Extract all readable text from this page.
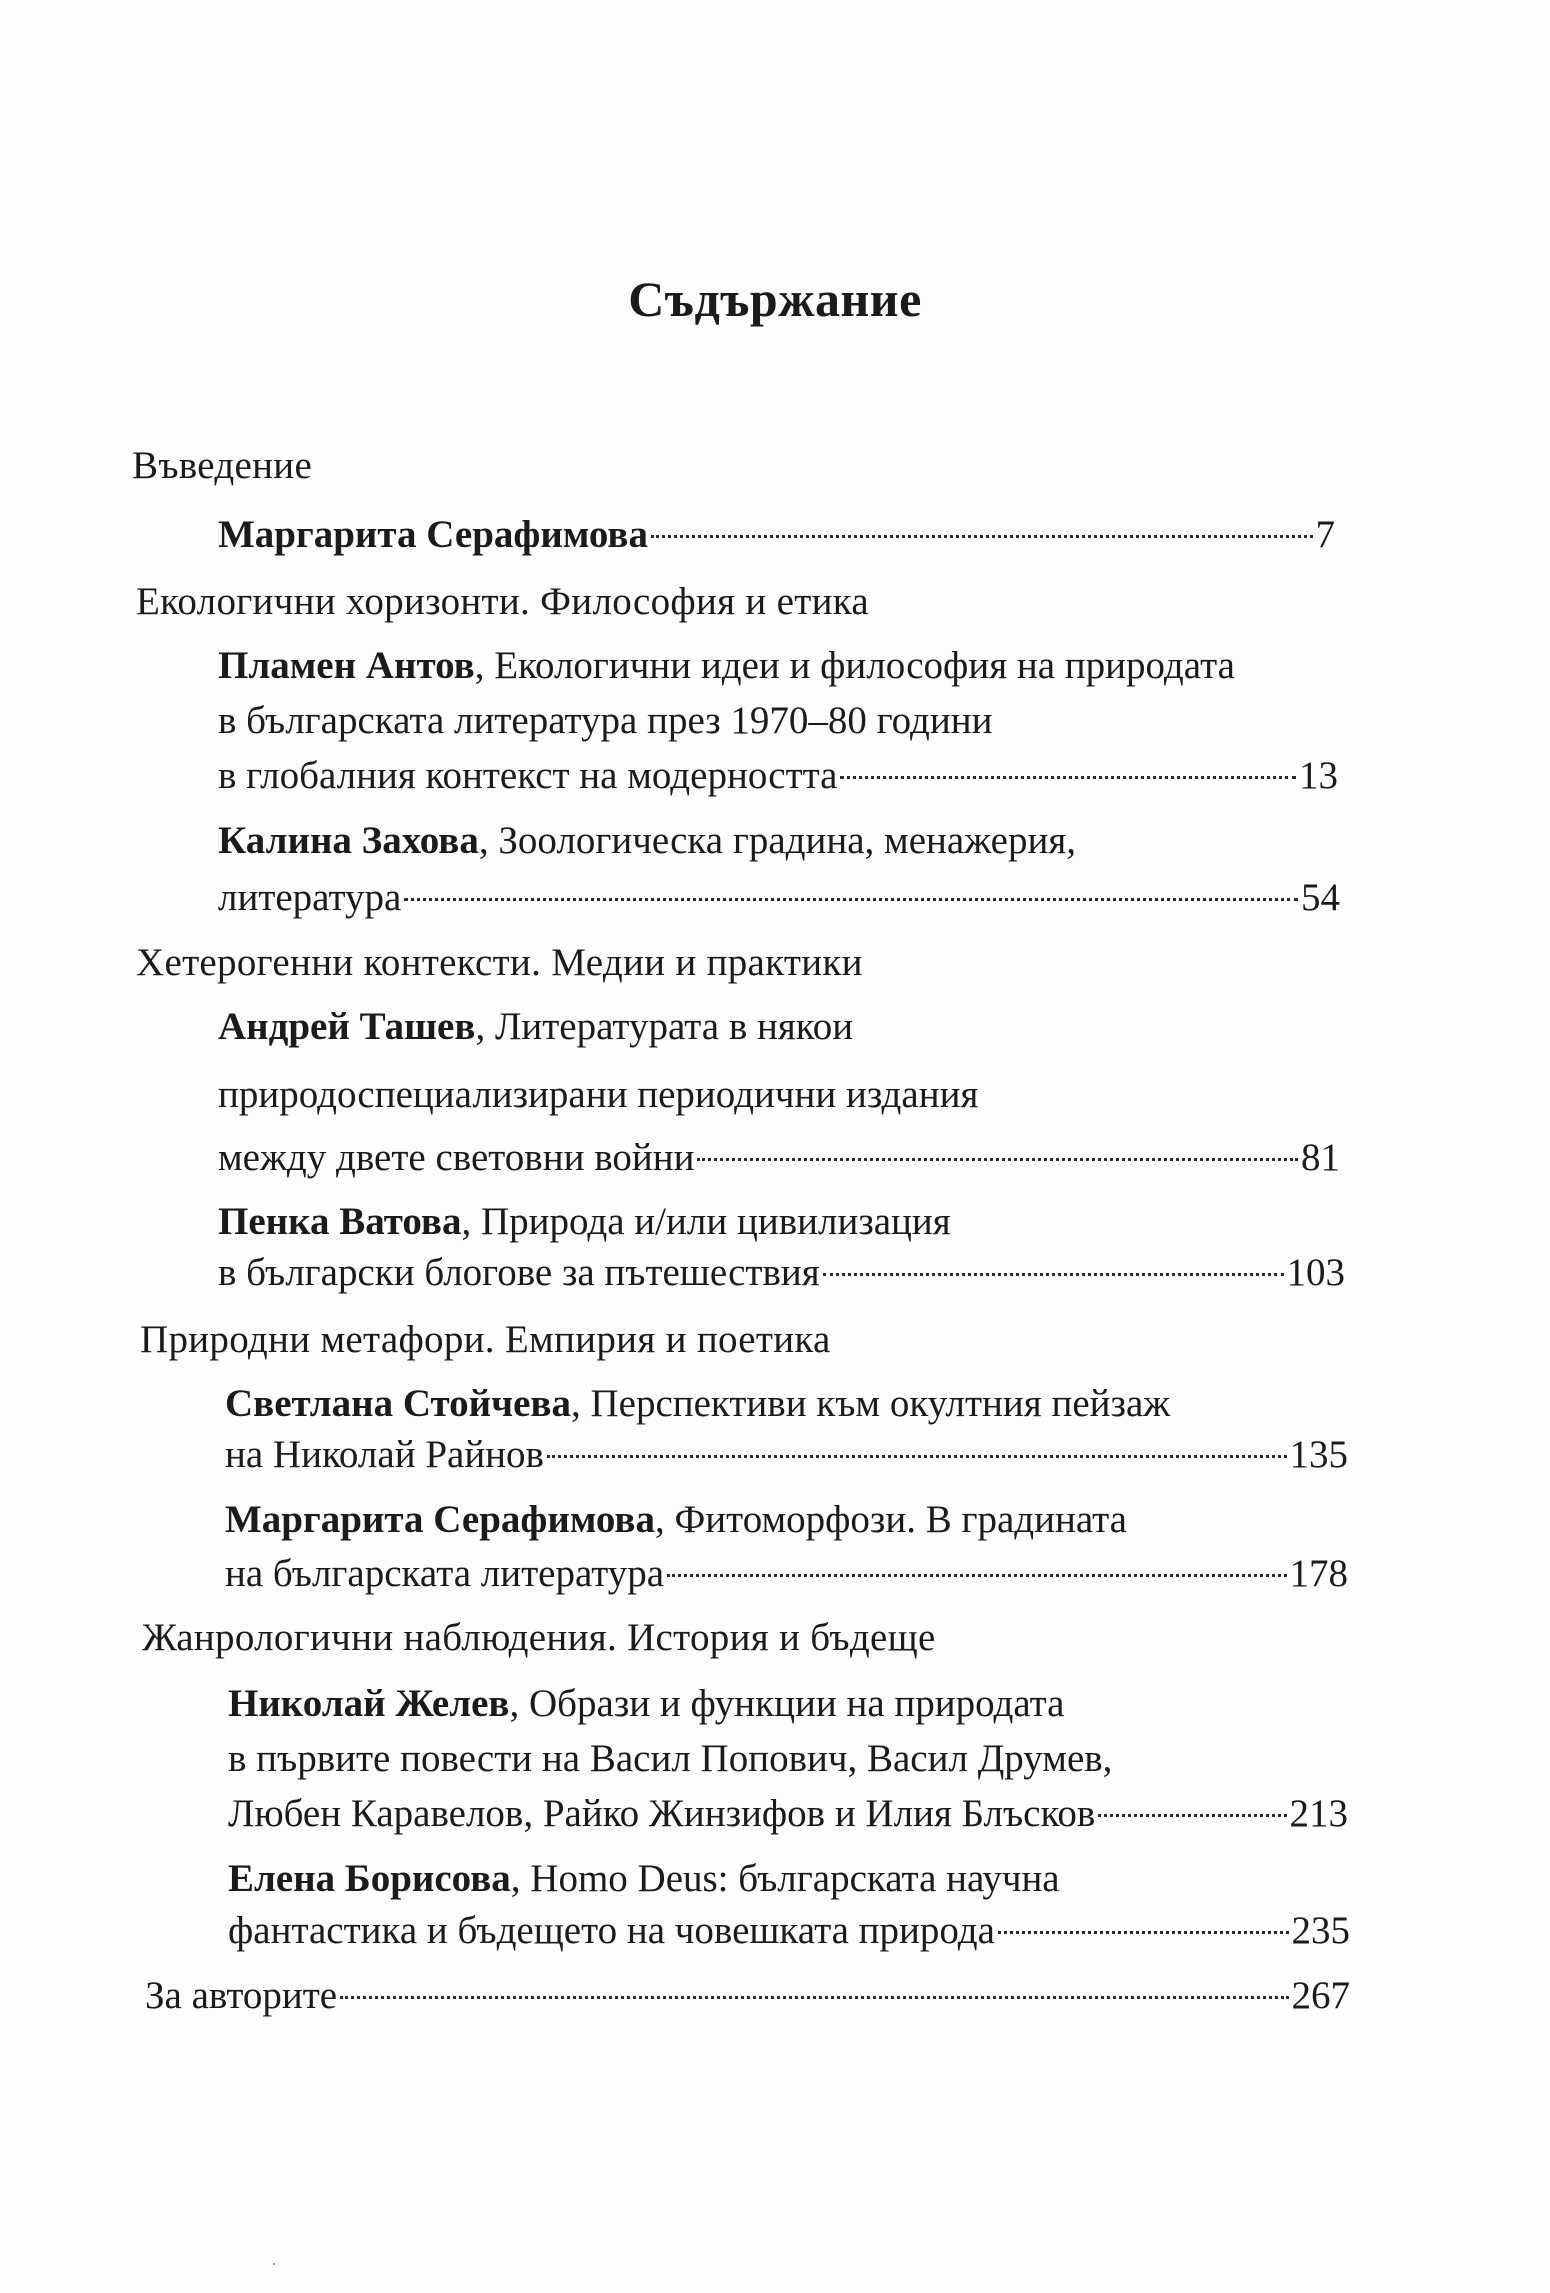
Съдържание
Въведение
Маргарита Серафимова	7
Екологични хоризонти. Философия и етика
Пламен Антов, Екологични идеи и философия на природата
в българската литература през 1970–80 години
в глобалния контекст на модерността	13
Калина Захова, Зоологическа градина, менажерия,
литература	54
Хетерогенни контексти. Медии и практики
Андрей Ташев, Литературата в някои
природоспециализирани периодични издания
между двете световни войни	81
Пенка Ватова, Природа и/или цивилизация
в български блогове за пътешествия	103
Природни метафори. Емпирия и поетика
Светлана Стойчева, Перспективи към окултния пейзаж
на Николай Райнов	135
Маргарита Серафимова, Фитоморфози. В градината
на българската литература	178
Жанрологични наблюдения. История и бъдеще
Николай Желев, Образи и функции на природата
в първите повести на Васил Попович, Васил Друмев,
Любен Каравелов, Райко Жинзифов и Илия Блъсков	213
Елена Борисова, Homo Deus: българската научна
фантастика и бъдещето на човешката природа	235
За авторите	267
